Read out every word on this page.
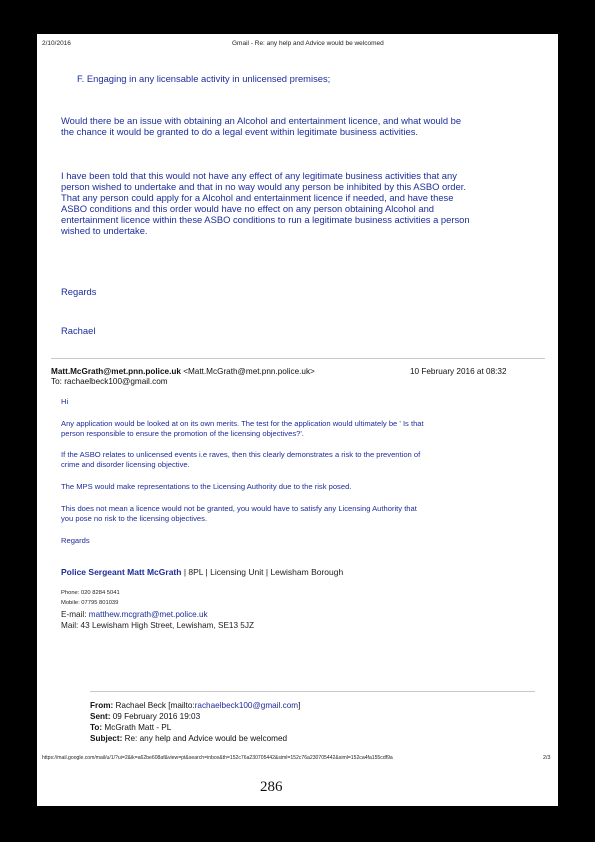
2/10/2016	Gmail - Re: any help and Advice would be welcomed
F. Engaging in any licensable activity in unlicensed premises;
Would there be an issue with obtaining an Alcohol and entertainment licence, and what would be
the chance it would be granted to do a legal event within legitimate business activities.
I have been told that this would not have any effect of any legitimate business activities that any
person wished to undertake and that in no way would any person be inhibited by this ASBO order.
That any person could apply for a Alcohol and entertainment licence if needed, and have these
ASBO conditions and this order would have no effect on any person obtaining Alcohol and
entertainment licence within these ASBO conditions to run a legitimate business activities a person
wished to undertake.
Regards
Rachael
Matt.McGrath@met.pnn.police.uk <Matt.McGrath@met.pnn.police.uk>	10 February 2016 at 08:32
To: rachaelbeck100@gmail.com
Hi
Any application would be looked at on its own merits. The test for the application would ultimately be ' Is that
person responsible to ensure the promotion of the licensing objectives?'.
If the ASBO relates to unlicensed events i.e raves, then this clearly demonstrates a risk to the prevention of
crime and disorder licensing objective.
The MPS would make representations to the Licensing Authority due to the risk posed.
This does not mean a licence would not be granted, you would have to satisfy any Licensing Authority that
you pose no risk to the licensing objectives.
Regards
Police Sergeant Matt McGrath | 8PL | Licensing Unit | Lewisham Borough
Phone: 020 8284 5041
Mobile: 07795 801039
E-mail: matthew.mcgrath@met.police.uk
Mail: 43 Lewisham High Street, Lewisham, SE13 5JZ
From: Rachael Beck [mailto:rachaelbeck100@gmail.com]
Sent: 09 February 2016 19:03
To: McGrath Matt - PL
Subject: Re: any help and Advice would be welcomed
https://mail.google.com/mail/u/1/?ui=2&ik=a62be608af&view=pt&search=inbox&th=152c76a230705442&siml=152c76a230705442&siml=152ca4fa155cdf9a	2/3
286
